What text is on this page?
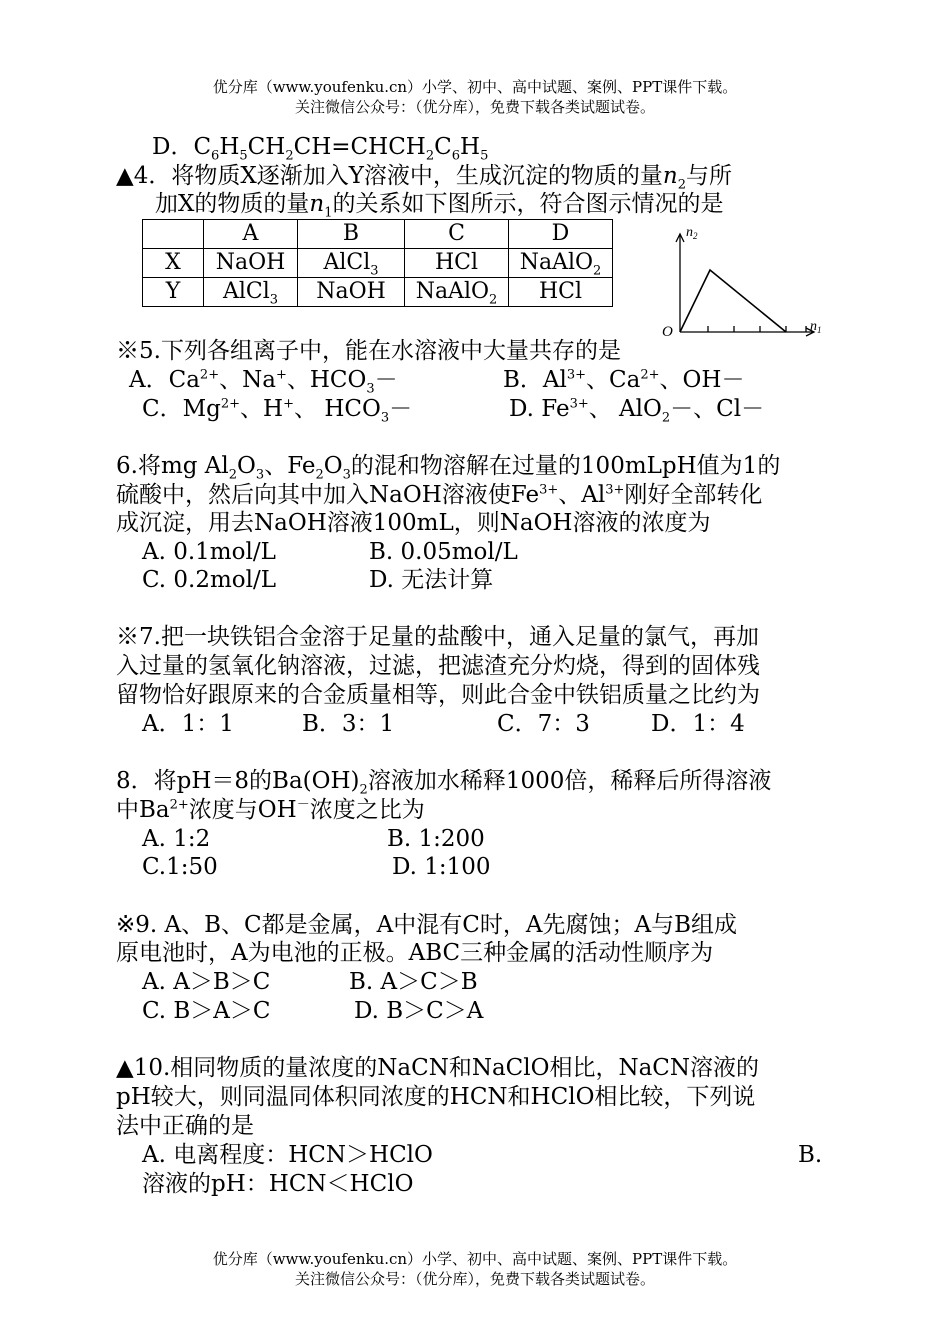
优分库（www.youfenku.cn）小学、初中、高中试题、案例、PPT课件下载。
关注微信公众号：（优分库），免费下载各类试题试卷。
D．$C_6H_5CH_2CH=CHCH_2C_6H_5$
▲4．将物质X逐渐加入Y溶液中，生成沉淀的物质的量$n_2$与所
加X的物质的量$n_1$的关系如下图所示，符合图示情况的是
	A	B	C	D
X	NaOH	AlCl$_3$	HCl	NaAlO$_2$
Y	AlCl$_3$	NaOH	NaAlO$_2$	HCl
$n_2$
$n_1$
O
※5.下列各组离子中，能在水溶液中大量共存的是
A．$Ca^{2+}$、Na+、$HCO_3-$	B．$Al^{3+}$、$Ca^{2+}$、OH－
C．$Mg^{2+}$、H+、 $HCO_3-$	D. $Fe^{3+}$、 AlO$_2$－、Cl－
6.将mg $Al_2O_3$、$Fe_2O_3$的混和物溶解在过量的100mLpH值为1的
硫酸中，然后向其中加入NaOH溶液使$Fe^{3+}$、$Al^{3+}$刚好全部转化
成沉淀，用去NaOH溶液100mL，则NaOH溶液的浓度为
A. 0.1mol/L	B. 0.05mol/L
C. 0.2mol/L	D. 无法计算
※7.把一块铁铝合金溶于足量的盐酸中，通入足量的氯气，再加
入过量的氢氧化钠溶液，过滤，把滤渣充分灼烧，得到的固体残
留物恰好跟原来的合金质量相等，则此合金中铁铝质量之比约为
A．1：1	B．3：1	C．7：3	D．1：4
8．将pH＝8的$Ba(OH)_2$溶液加水稀释1000倍，稀释后所得溶液
中$Ba^{2+}$浓度与OH－浓度之比为
A. 1:2	B. 1:200
C.1:50	D. 1:100
※9. A、B、C都是金属，A中混有C时，A先腐蚀；A与B组成
原电池时，A为电池的正极。ABC三种金属的活动性顺序为
A. A＞B＞C	B. A＞C＞B
C. B＞A＞C	D. B＞C＞A
▲10.相同物质的量浓度的NaCN和NaClO相比，NaCN溶液的
pH较大，则同温同体积同浓度的HCN和HClO相比较，下列说
法中正确的是
A. 电离程度：HCN＞HClO	B.
溶液的pH：HCN＜HClO
优分库（www.youfenku.cn）小学、初中、高中试题、案例、PPT课件下载。
关注微信公众号：（优分库），免费下载各类试题试卷。
